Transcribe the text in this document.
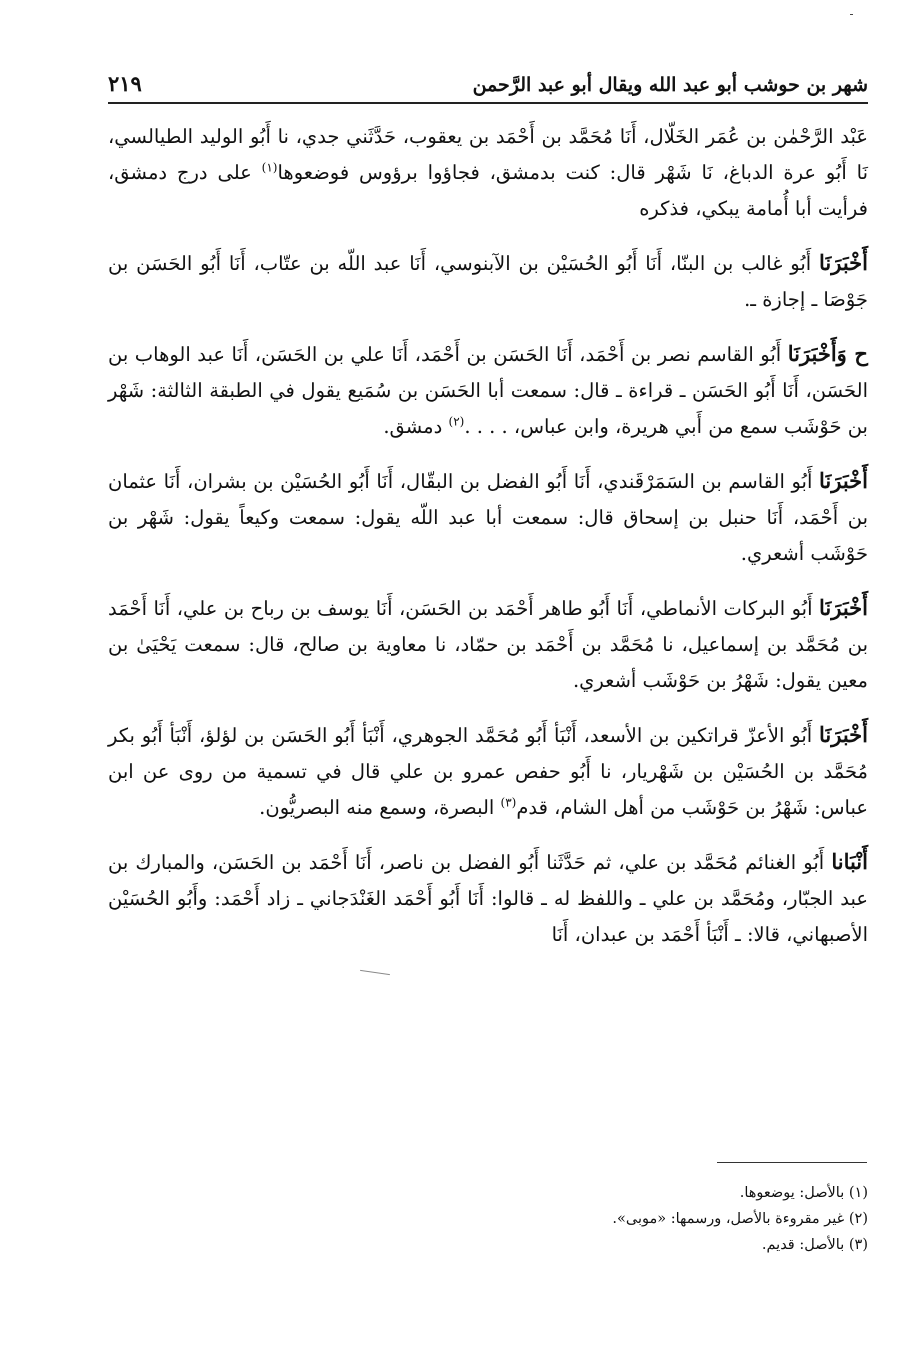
شهر بن حوشب أبو عبد الله ويقال أبو عبد الرَّحمن
٢١٩

عَبْد الرَّحْمٰن بن عُمَر الخَلّال، أَنَا مُحَمَّد بن أَحْمَد بن يعقوب، حَدَّثَني جدي، نا أَبُو الوليد الطيالسي، نَا أَبُو عرة الدباغ، نَا شَهْر قال: كنت بدمشق، فجاؤوا برؤوس فوضعوها$^{(١)}$ على درج دمشق، فرأيت أبا أُمامة يبكي، فذكره

أَخْبَرَنَا أَبُو غالب بن البنّا، أَنَا أَبُو الحُسَيْن بن الآبنوسي، أَنَا عبد اللّه بن عتّاب، أَنَا أَبُو الحَسَن بن جَوْصَا ـ إجازة ـ.

ح وَأَخْبَرَنَا أَبُو القاسم نصر بن أَحْمَد، أَنَا الحَسَن بن أَحْمَد، أَنَا علي بن الحَسَن، أَنَا عبد الوهاب بن الحَسَن، أَنَا أَبُو الحَسَن ـ قراءة ـ قال: سمعت أبا الحَسَن بن سُمَيع يقول في الطبقة الثالثة: شَهْر بن حَوْشَب سمع من أَبي هريرة، وابن عباس، . . . .$^{(٢)}$ دمشق.

أَخْبَرَنَا أَبُو القاسم بن السَمَرْقَندي، أَنَا أَبُو الفضل بن البقّال، أَنَا أَبُو الحُسَيْن بن بشران، أَنَا عثمان بن أَحْمَد، أَنَا حنبل بن إسحاق قال: سمعت أبا عبد اللّه يقول: سمعت وكيعاً يقول: شَهْر بن حَوْشَب أشعري.

أَخْبَرَنَا أَبُو البركات الأنماطي، أَنَا أَبُو طاهر أَحْمَد بن الحَسَن، أَنَا يوسف بن رباح بن علي، أَنَا أَحْمَد بن مُحَمَّد بن إسماعيل، نا مُحَمَّد بن أَحْمَد بن حمّاد، نا معاوية بن صالح، قال: سمعت يَحْيَىٰ بن معين يقول: شَهْرُ بن حَوْشَب أشعري.

أَخْبَرَنَا أَبُو الأعزّ قراتكين بن الأسعد، أَنْبَأ أَبُو مُحَمَّد الجوهري، أَنْبَأ أَبُو الحَسَن بن لؤلؤ، أَنْبَأ أَبُو بكر مُحَمَّد بن الحُسَيْن بن شَهْريار، نا أَبُو حفص عمرو بن علي قال في تسمية من روى عن ابن عباس: شَهْرُ بن حَوْشَب من أهل الشام، قدم$^{(٣)}$ البصرة، وسمع منه البصريُّون.

أَنْبَانا أَبُو الغنائم مُحَمَّد بن علي، ثم حَدَّثَنا أَبُو الفضل بن ناصر، أَنَا أَحْمَد بن الحَسَن، والمبارك بن عبد الجبّار، ومُحَمَّد بن علي ـ واللفظ له ـ قالوا: أَنَا أَبُو أَحْمَد الغَنْدَجاني ـ زاد أَحْمَد: وأَبُو الحُسَيْن الأصبهاني، قالا: ـ أَنْبَأ أَحْمَد بن عبدان، أَنَا

(١) بالأصل: يوضعوها.

(٢) غير مقروءة بالأصل، ورسمها: «موبى».

(٣) بالأصل: قديم.
